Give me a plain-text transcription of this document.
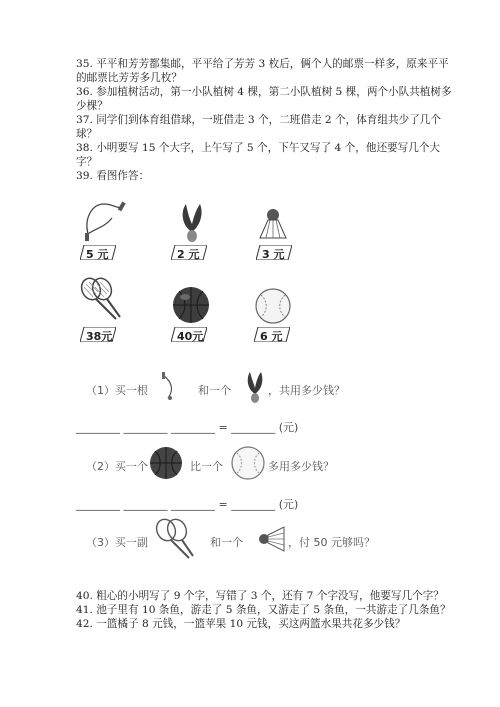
35. 平平和芳芳都集邮，平平给了芳芳 3 枚后，俩个人的邮票一样多，原来平平

的邮票比芳芳多几枚？

36. 参加植树活动，第一小队植树 4 棵，第二小队植树 5 棵，两个小队共植树多

少棵？

37. 同学们到体育组借球，一班借走 3 个，二班借走 2 个，体育组共少了几个

球？

38. 小明要写 15 个大字，上午写了 5 个，下午又写了 4 个，他还要写几个大

字？

39. 看图作答：

5 元	2 元	3 元
38元	40元	6 元
（1）买一根	和一个	，共用多少钱？
________ ________ ________ = ________ (元)
（2）买一个	比一个	多用多少钱？
________ ________ ________ = ________ (元)
（3）买一副	和一个	，付 50 元够吗？

40. 粗心的小明写了 9 个字，写错了 3 个，还有 7 个字没写，他要写几个字？

41. 池子里有 10 条鱼，游走了 5 条鱼，又游走了 5 条鱼，一共游走了几条鱼？

42. 一篮橘子 8 元钱，一篮苹果 10 元钱，买这两篮水果共花多少钱？
